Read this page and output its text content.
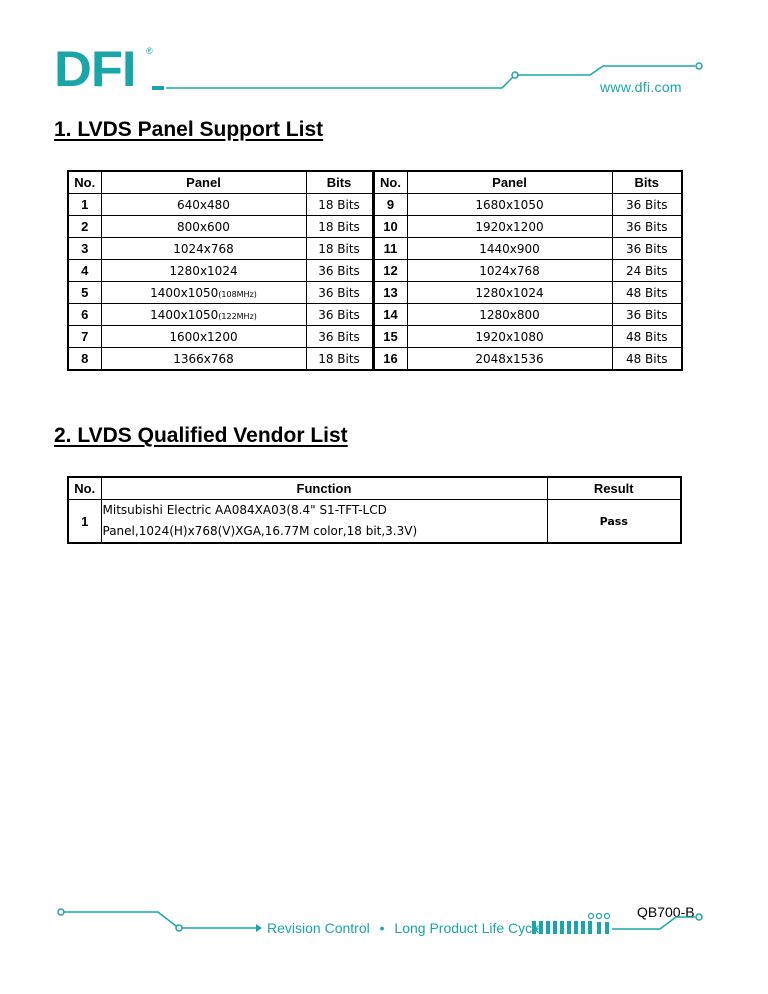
DFI ®
www.dfi.com
1. LVDS Panel Support List
No.	Panel	Bits	No.	Panel	Bits
1	640x480	18 Bits	9	1680x1050	36 Bits
2	800x600	18 Bits	10	1920x1200	36 Bits
3	1024x768	18 Bits	11	1440x900	36 Bits
4	1280x1024	36 Bits	12	1024x768	24 Bits
5	1400x1050(108MHz)	36 Bits	13	1280x1024	48 Bits
6	1400x1050(122MHz)	36 Bits	14	1280x800	36 Bits
7	1600x1200	36 Bits	15	1920x1080	48 Bits
8	1366x768	18 Bits	16	2048x1536	48 Bits
2. LVDS Qualified Vendor List
No.	Function	Result
1	Mitsubishi Electric AA084XA03(8.4" S1-TFT-LCD
Panel,1024(H)x768(V)XGA,16.77M color,18 bit,3.3V)	Pass
QB700-B
Revision Control • Long Product Life Cycle
